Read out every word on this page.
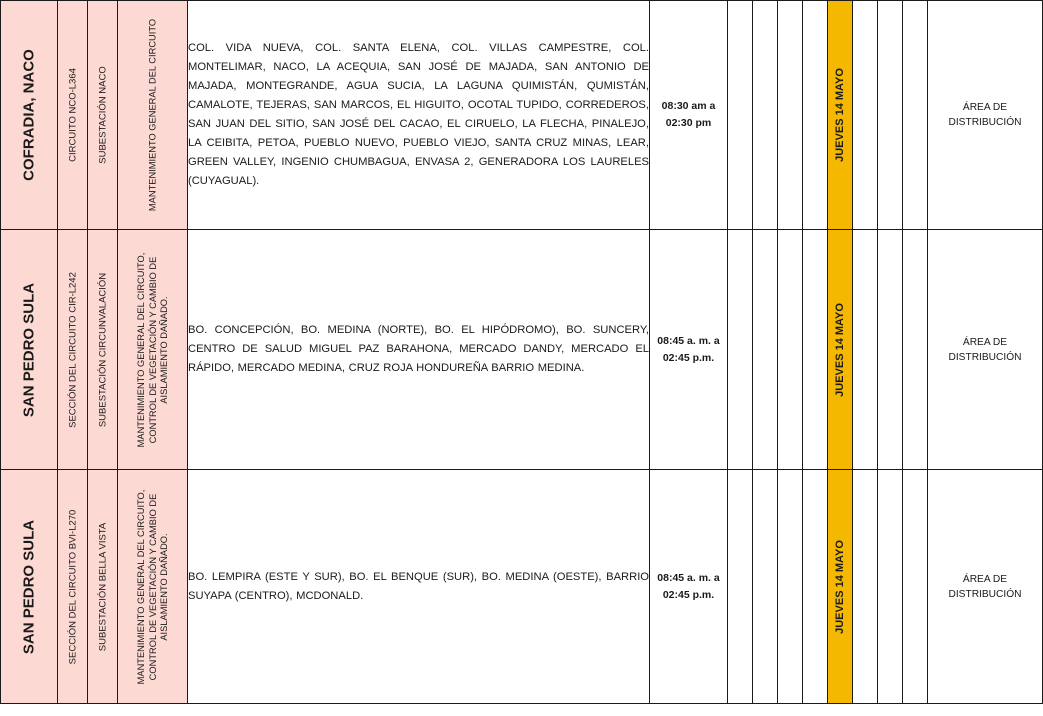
COFRADIA, NACO	CIRCUITO NCO-L364	SUBESTACIÓN NACO	MANTENIMIENTO GENERAL DEL CIRCUITO	COL. VIDA NUEVA, COL. SANTA ELENA, COL. VILLAS CAMPESTRE, COL. MONTELIMAR, NACO, LA ACEQUIA, SAN JOSÉ DE MAJADA, SAN ANTONIO DE MAJADA, MONTEGRANDE, AGUA SUCIA, LA LAGUNA QUIMISTÁN, QUMISTÁN, CAMALOTE, TEJERAS, SAN MARCOS, EL HIGUITO, OCOTAL TUPIDO, CORREDEROS, SAN JUAN DEL SITIO, SAN JOSÉ DEL CACAO, EL CIRUELO, LA FLECHA, PINALEJO, LA CEIBITA, PETOA, PUEBLO NUEVO, PUEBLO VIEJO, SANTA CRUZ MINAS, LEAR, GREEN VALLEY, INGENIO CHUMBAGUA, ENVASA 2, GENERADORA LOS LAURELES (CUYAGUAL).	08:30 am a
02:30 pm					JUEVES 14 MAYO				ÁREA DE
DISTRIBUCIÓN

SAN PEDRO SULA	SECCIÓN DEL CIRCUITO CIR-L242	SUBESTACIÓN CIRCUNVALACIÓN	MANTENIMIENTO GENERAL DEL CIRCUITO, CONTROL DE VEGETACIÓN Y CAMBIO DE AISLAMIENTO DAÑADO.	BO. CONCEPCIÓN, BO. MEDINA (NORTE), BO. EL HIPÓDROMO), BO. SUNCERY, CENTRO DE SALUD MIGUEL PAZ BARAHONA, MERCADO DANDY, MERCADO EL RÁPIDO, MERCADO MEDINA, CRUZ ROJA HONDUREÑA BARRIO MEDINA.	08:45 a. m. a
02:45 p.m.					JUEVES 14 MAYO				ÁREA DE
DISTRIBUCIÓN

SAN PEDRO SULA	SECCIÓN DEL CIRCUITO BVI-L270	SUBESTACIÓN BELLA VISTA	MANTENIMIENTO GENERAL DEL CIRCUITO, CONTROL DE VEGETACIÓN Y CAMBIO DE AISLAMIENTO DAÑADO.	BO. LEMPIRA (ESTE Y SUR), BO. EL BENQUE (SUR), BO. MEDINA (OESTE), BARRIO SUYAPA (CENTRO), MCDONALD.	08:45 a. m. a
02:45 p.m.					JUEVES 14 MAYO				ÁREA DE
DISTRIBUCIÓN
